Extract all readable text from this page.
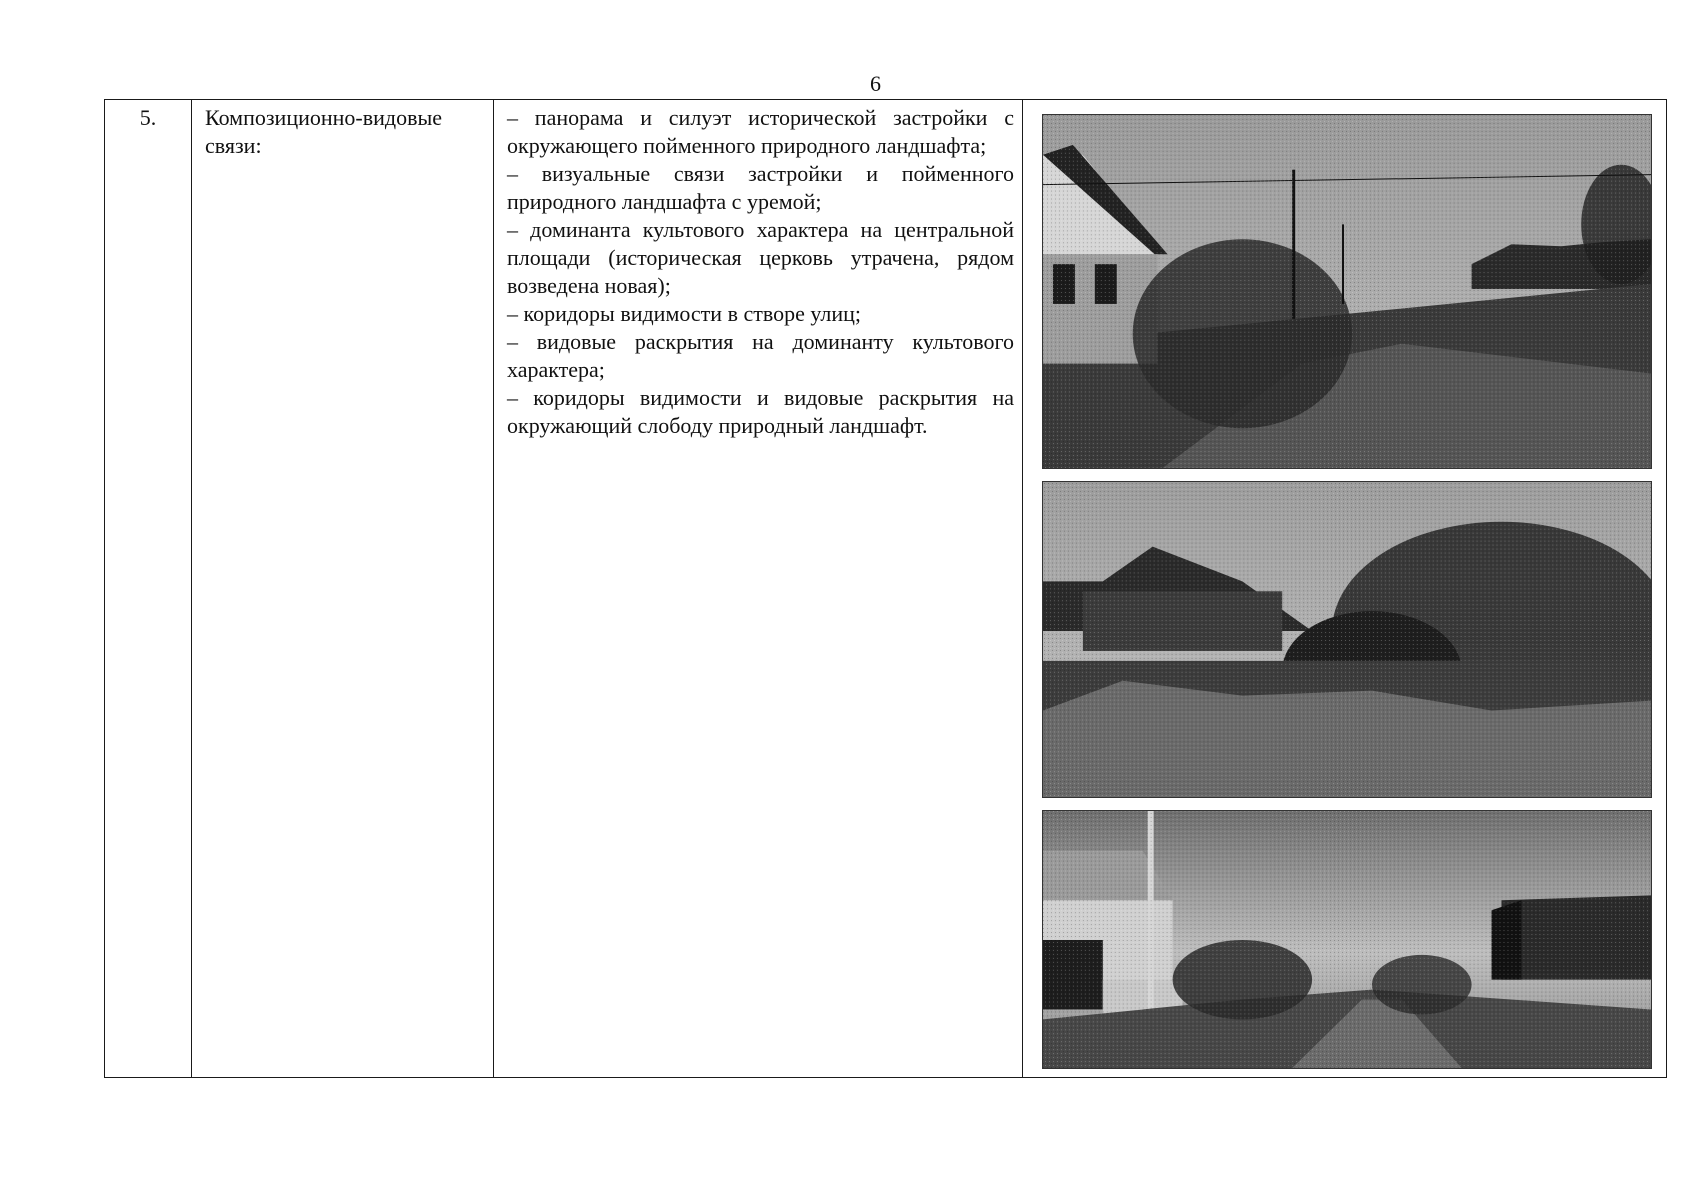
6
5.	Композиционно-видовые связи:

– панорама и силуэт исторической застройки с окружающего пойменного природного ландшафта;

– визуальные связи застройки и пойменного природного ландшафта с уремой;

– доминанта культового характера на центральной площади (историческая церковь утрачена, рядом возведена новая);

– коридоры видимости в створе улиц;

– видовые раскрытия на доминанту культового характера;

– коридоры видимости и видовые раскрытия на окружающий слободу природный ландшафт.
